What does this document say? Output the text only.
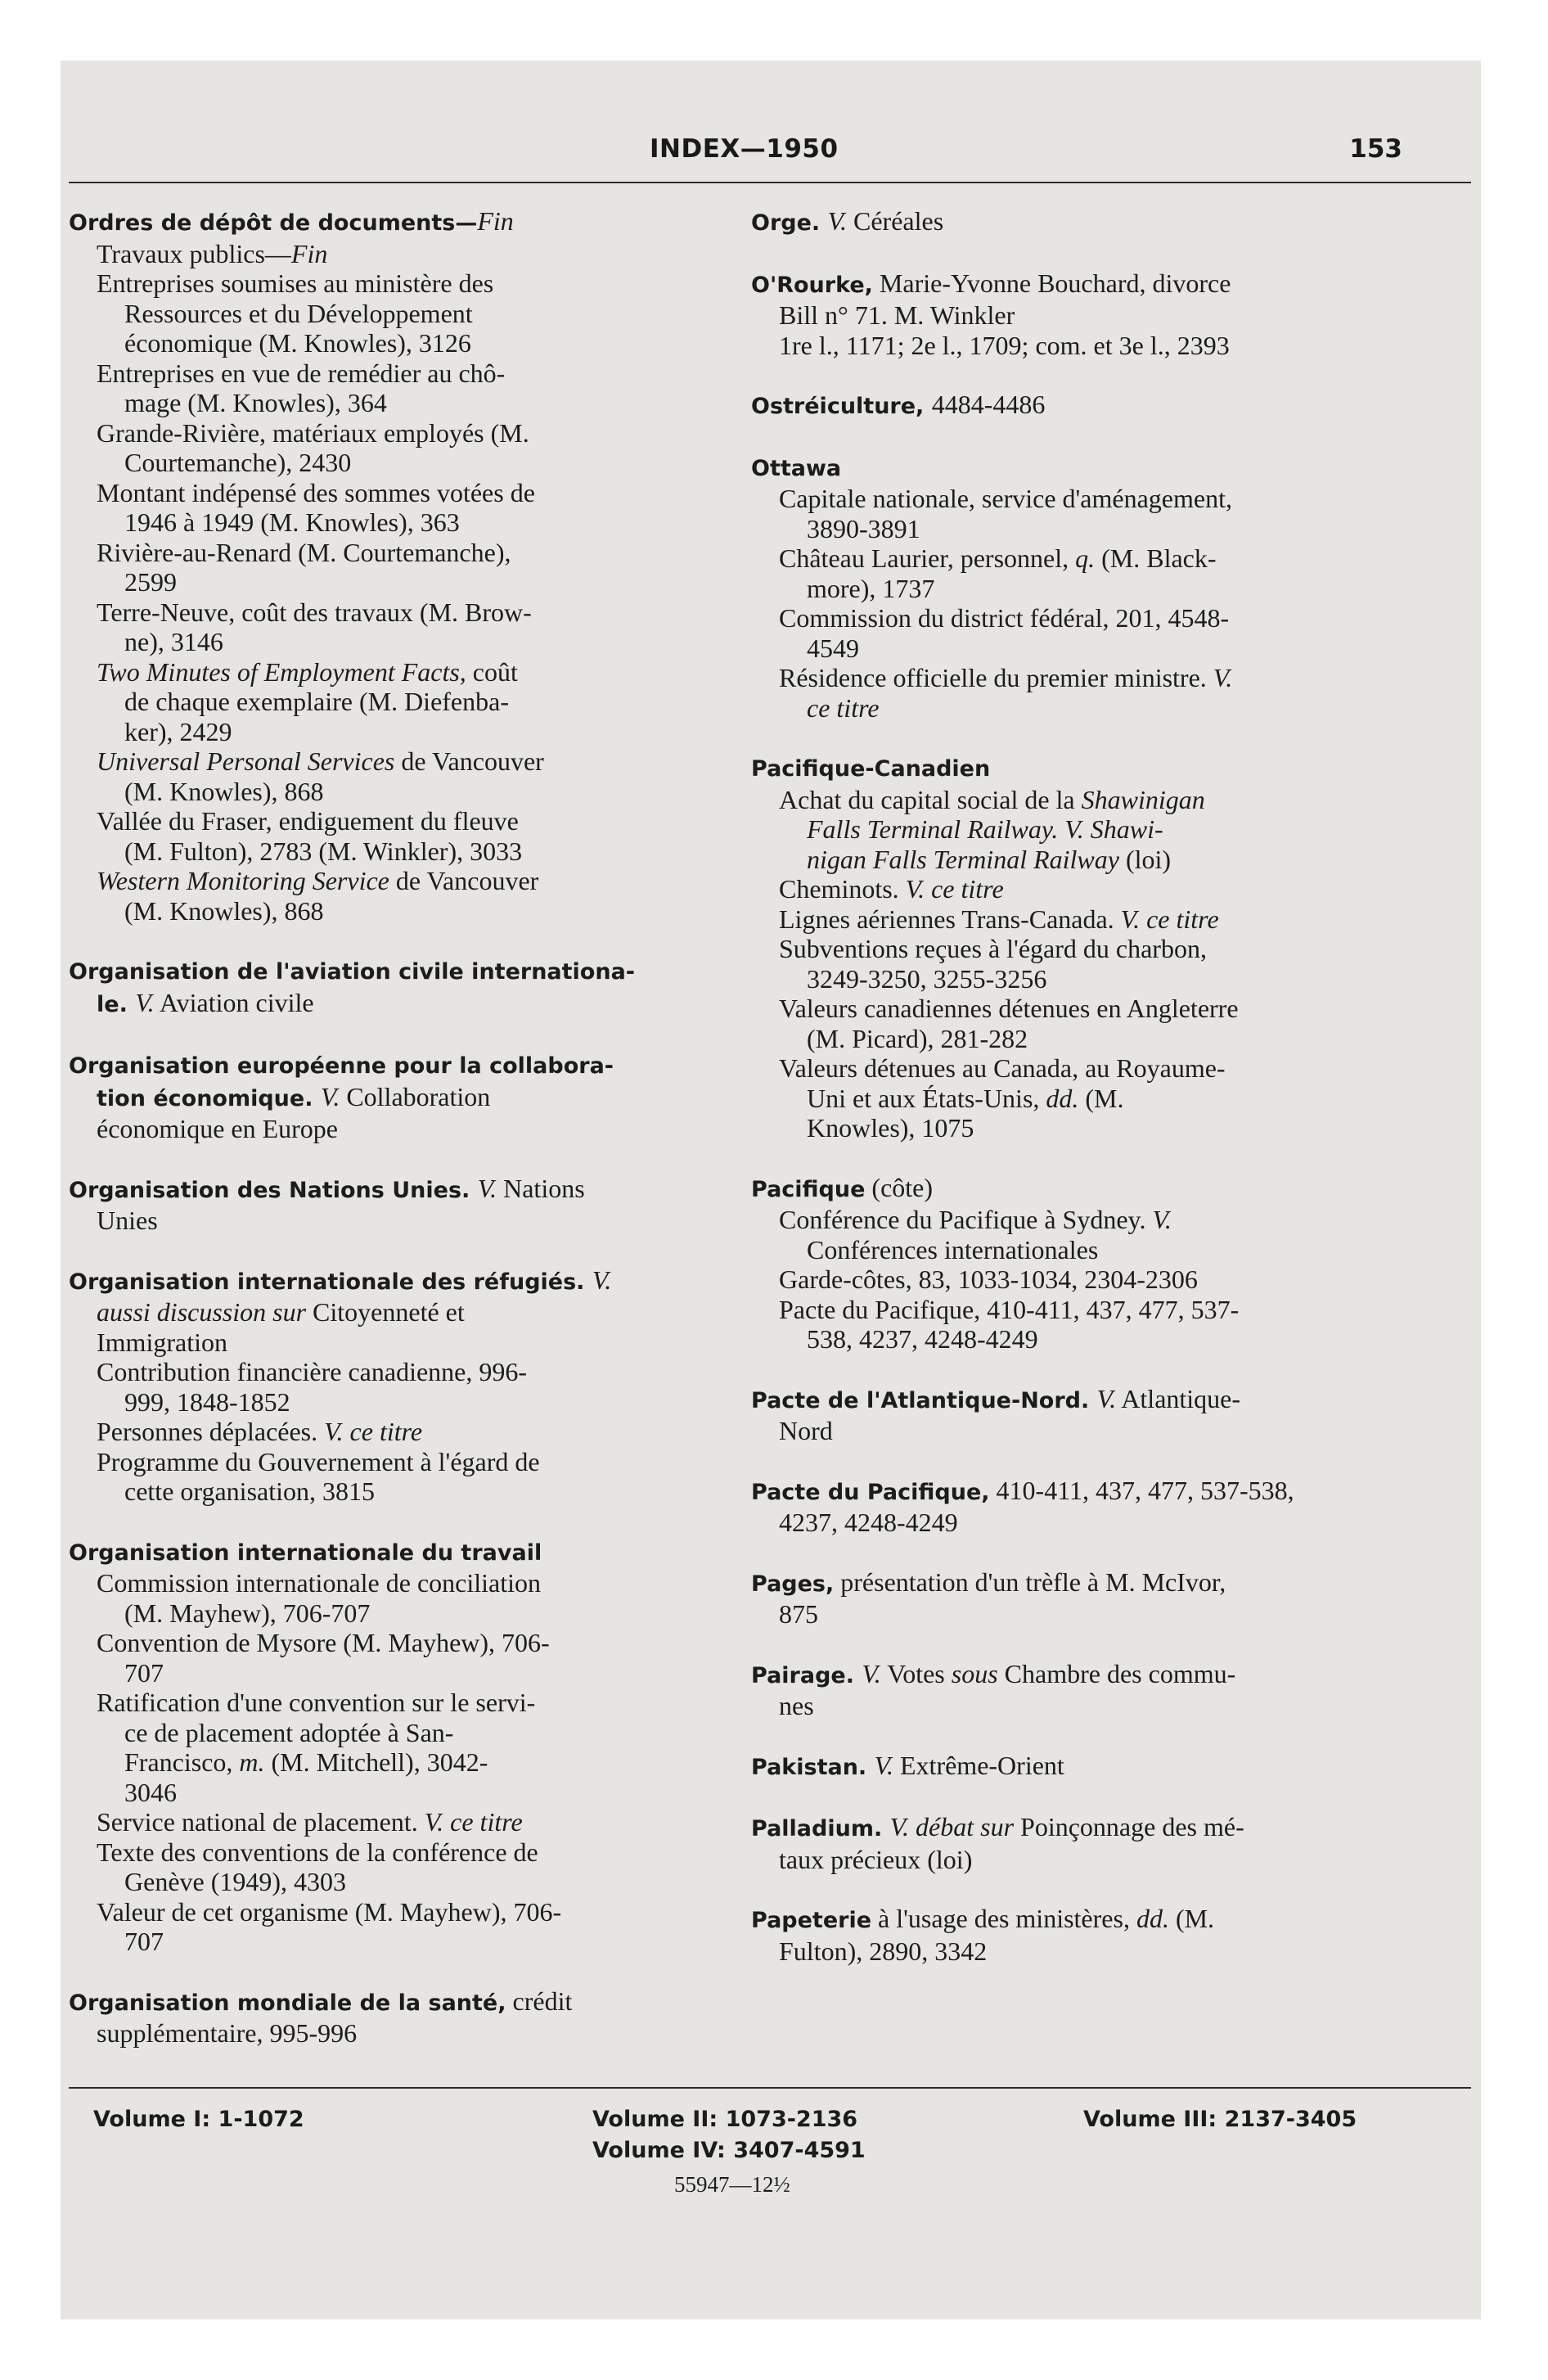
INDEX—1950	153
Ordres de dépôt de documents—Fin
Travaux publics—Fin
Entreprises soumises au ministère des
Ressources et du Développement
économique (M. Knowles), 3126
Entreprises en vue de remédier au chô-
mage (M. Knowles), 364
Grande-Rivière, matériaux employés (M.
Courtemanche), 2430
Montant indépensé des sommes votées de
1946 à 1949 (M. Knowles), 363
Rivière-au-Renard (M. Courtemanche),
2599
Terre-Neuve, coût des travaux (M. Brow-
ne), 3146
Two Minutes of Employment Facts, coût
de chaque exemplaire (M. Diefenba-
ker), 2429
Universal Personal Services de Vancouver
(M. Knowles), 868
Vallée du Fraser, endiguement du fleuve
(M. Fulton), 2783 (M. Winkler), 3033
Western Monitoring Service de Vancouver
(M. Knowles), 868
Organisation de l'aviation civile internationa-
le. V. Aviation civile
Organisation européenne pour la collabora-
tion économique. V. Collaboration
économique en Europe
Organisation des Nations Unies. V. Nations
Unies
Organisation internationale des réfugiés. V.
aussi discussion sur Citoyenneté et
Immigration
Contribution financière canadienne, 996-
999, 1848-1852
Personnes déplacées. V. ce titre
Programme du Gouvernement à l'égard de
cette organisation, 3815
Organisation internationale du travail
Commission internationale de conciliation
(M. Mayhew), 706-707
Convention de Mysore (M. Mayhew), 706-
707
Ratification d'une convention sur le servi-
ce de placement adoptée à San-
Francisco, m. (M. Mitchell), 3042-
3046
Service national de placement. V. ce titre
Texte des conventions de la conférence de
Genève (1949), 4303
Valeur de cet organisme (M. Mayhew), 706-
707
Organisation mondiale de la santé, crédit
supplémentaire, 995-996
Orge. V. Céréales
O'Rourke, Marie-Yvonne Bouchard, divorce
Bill n° 71. M. Winkler
1re l., 1171; 2e l., 1709; com. et 3e l., 2393
Ostréiculture, 4484-4486
Ottawa
Capitale nationale, service d'aménagement,
3890-3891
Château Laurier, personnel, q. (M. Black-
more), 1737
Commission du district fédéral, 201, 4548-
4549
Résidence officielle du premier ministre. V.
ce titre
Pacifique-Canadien
Achat du capital social de la Shawinigan
Falls Terminal Railway. V. Shawi-
nigan Falls Terminal Railway (loi)
Cheminots. V. ce titre
Lignes aériennes Trans-Canada. V. ce titre
Subventions reçues à l'égard du charbon,
3249-3250, 3255-3256
Valeurs canadiennes détenues en Angleterre
(M. Picard), 281-282
Valeurs détenues au Canada, au Royaume-
Uni et aux États-Unis, dd. (M.
Knowles), 1075
Pacifique (côte)
Conférence du Pacifique à Sydney. V.
Conférences internationales
Garde-côtes, 83, 1033-1034, 2304-2306
Pacte du Pacifique, 410-411, 437, 477, 537-
538, 4237, 4248-4249
Pacte de l'Atlantique-Nord. V. Atlantique-
Nord
Pacte du Pacifique, 410-411, 437, 477, 537-538,
4237, 4248-4249
Pages, présentation d'un trèfle à M. McIvor,
875
Pairage. V. Votes sous Chambre des commu-
nes
Pakistan. V. Extrême-Orient
Palladium. V. débat sur Poinçonnage des mé-
taux précieux (loi)
Papeterie à l'usage des ministères, dd. (M.
Fulton), 2890, 3342
Volume I: 1-1072	Volume II: 1073-2136
Volume IV: 3407-4591
Volume III: 2137-3405
55947—12½
